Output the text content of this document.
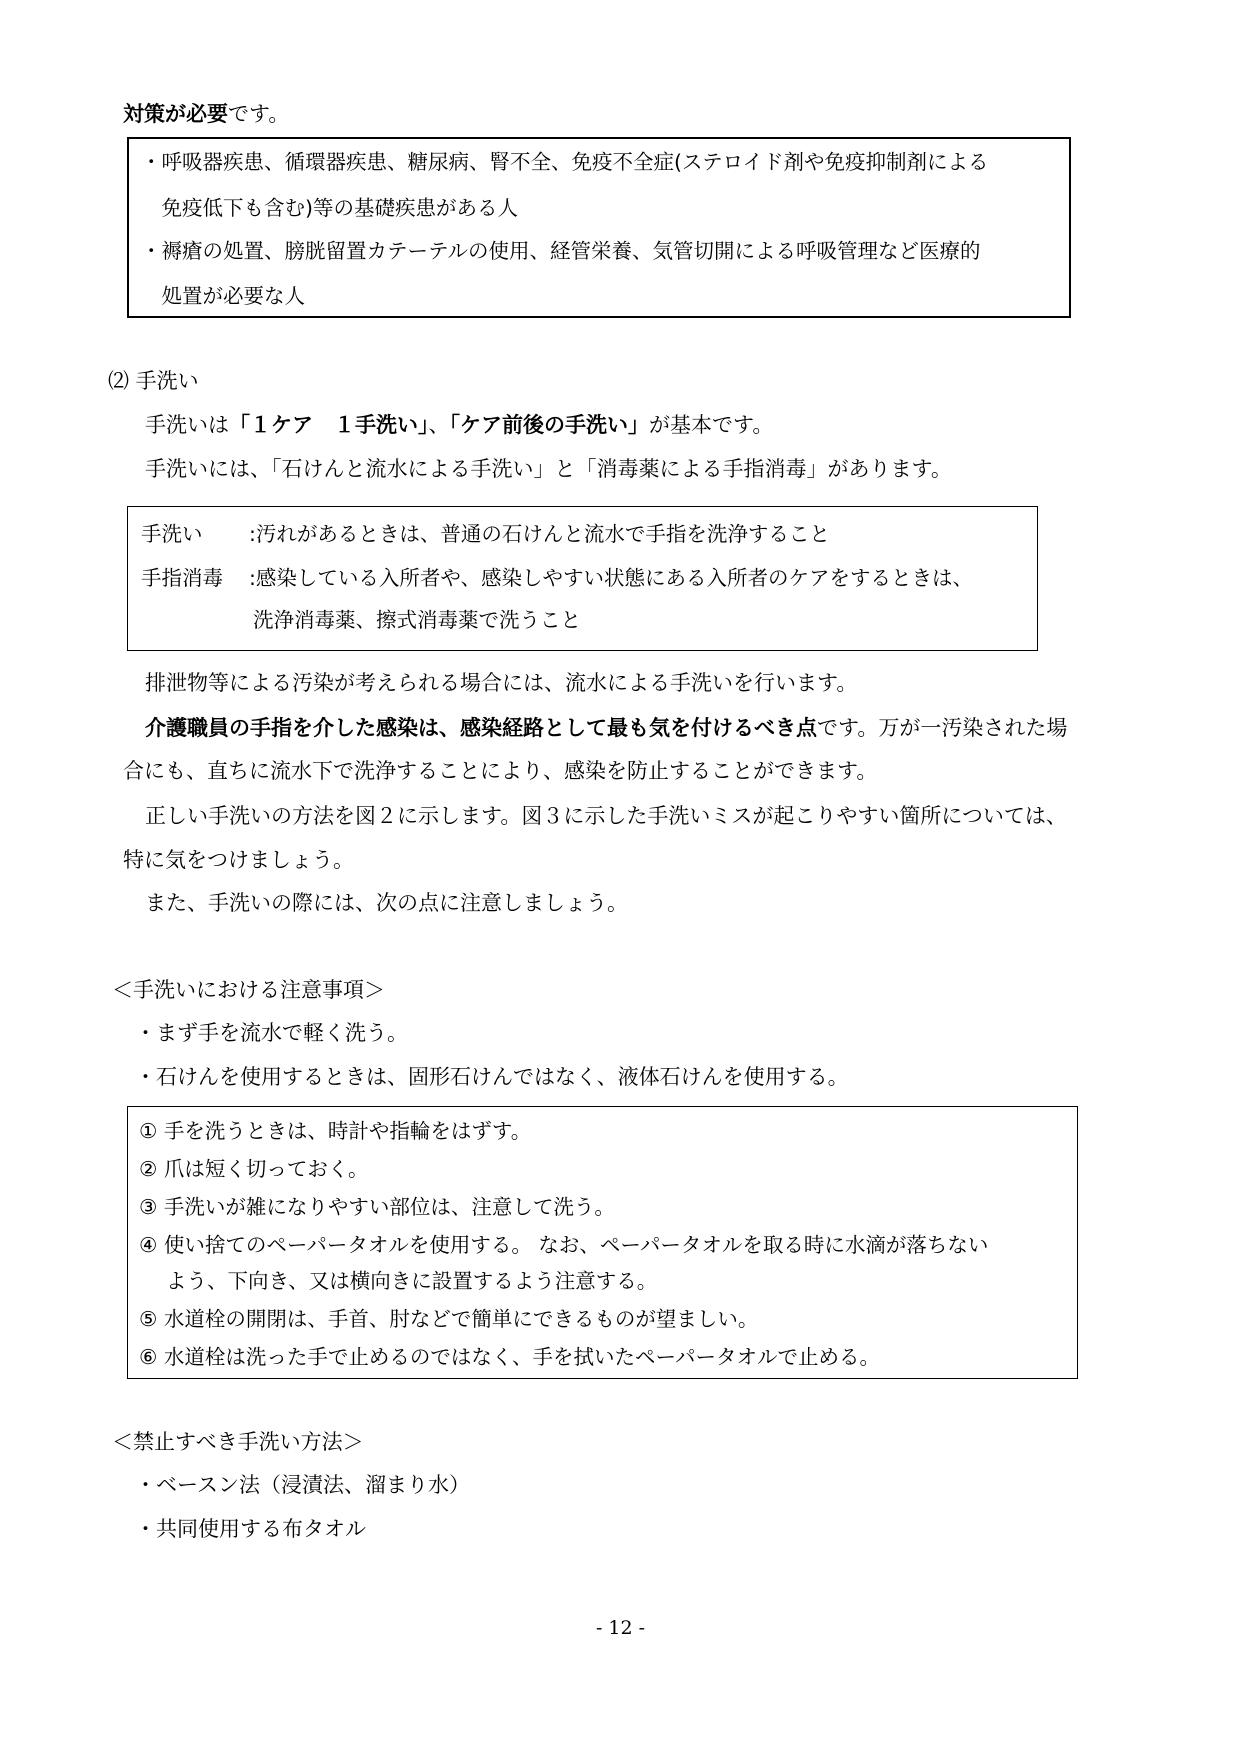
対策が必要です。
・呼吸器疾患、循環器疾患、糖尿病、腎不全、免疫不全症(ステロイド剤や免疫抑制剤による
　免疫低下も含む)等の基礎疾患がある人
・褥瘡の処置、膀胱留置カテーテルの使用、経管栄養、気管切開による呼吸管理など医療的
　処置が必要な人
⑵ 手洗い
手洗いは「１ケア　１手洗い」、「ケア前後の手洗い」が基本です。
手洗いには、「石けんと流水による手洗い」と「消毒薬による手指消毒」があります。
手洗い :汚れがあるときは、普通の石けんと流水で手指を洗浄すること
手指消毒 :感染している入所者や、感染しやすい状態にある入所者のケアをするときは、
洗浄消毒薬、擦式消毒薬で洗うこと
排泄物等による汚染が考えられる場合には、流水による手洗いを行います。
介護職員の手指を介した感染は、感染経路として最も気を付けるべき点です。万が一汚染された場
合にも、直ちに流水下で洗浄することにより、感染を防止することができます。
正しい手洗いの方法を図２に示します。図３に示した手洗いミスが起こりやすい箇所については、
特に気をつけましょう。
また、手洗いの際には、次の点に注意しましょう。
＜手洗いにおける注意事項＞
・まず手を流水で軽く洗う。
・石けんを使用するときは、固形石けんではなく、液体石けんを使用する。
① 手を洗うときは、時計や指輪をはずす。
② 爪は短く切っておく。
③ 手洗いが雑になりやすい部位は、注意して洗う。
④ 使い捨てのペーパータオルを使用する。 なお、ペーパータオルを取る時に水滴が落ちない
　 よう、下向き、又は横向きに設置するよう注意する。
⑤ 水道栓の開閉は、手首、肘などで簡単にできるものが望ましい。
⑥ 水道栓は洗った手で止めるのではなく、手を拭いたペーパータオルで止める。
＜禁止すべき手洗い方法＞
・ベースン法（浸漬法、溜まり水）
・共同使用する布タオル
- 12 -
